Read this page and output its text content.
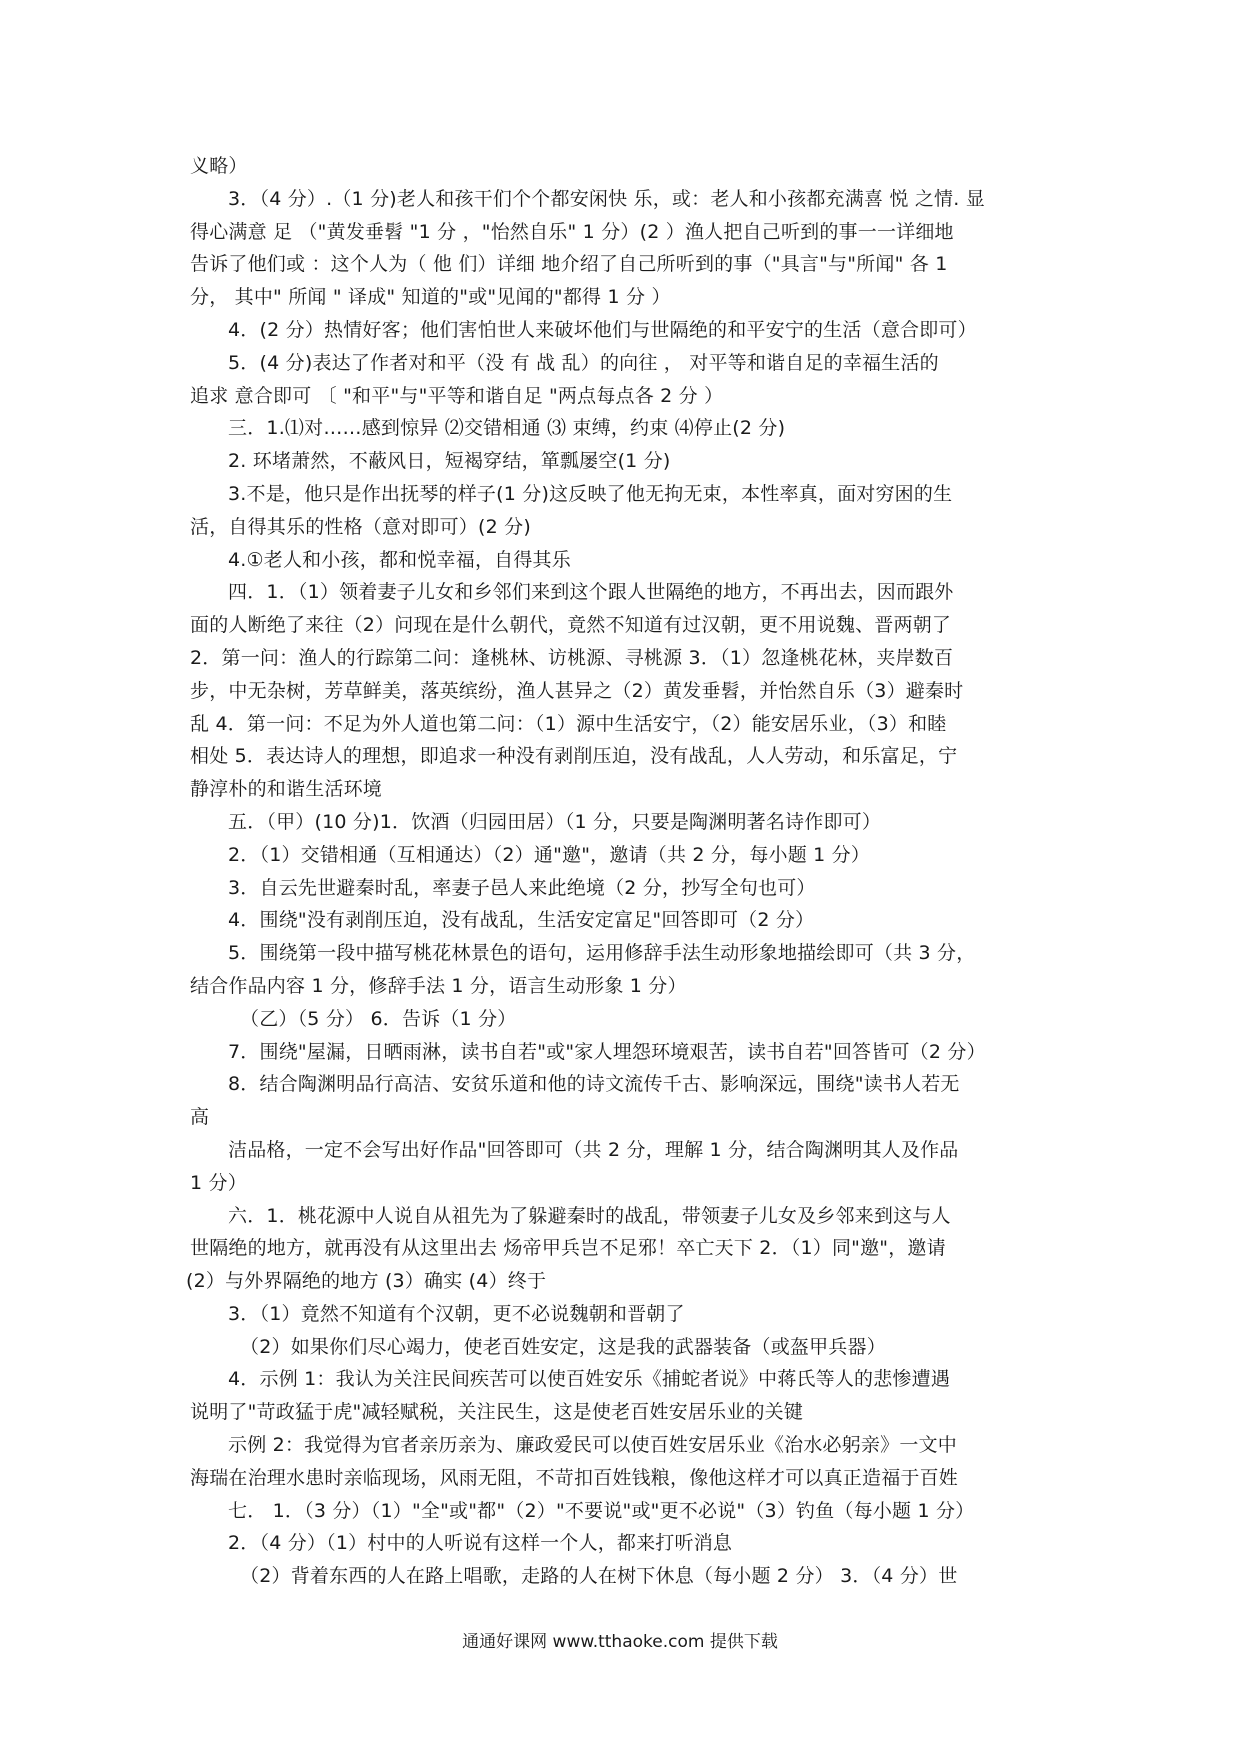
义略）
3．（4 分）.（1 分)老人和孩干们个个都安闲快 乐，或：老人和小孩都充满喜 悦 之情. 显
得心满意 足 （"黄发垂髫 "1 分 ，"怡然自乐" 1 分）(2 ）渔人把自己听到的事一一详细地
告诉了他们或 ：这个人为（ 他 们）详细 地介绍了自己所听到的事（"具言"与"所闻" 各 1
分， 其中" 所闻 " 译成" 知道的"或"见闻的"都得 1 分 ）
4．(2 分）热情好客；他们害怕世人来破坏他们与世隔绝的和平安宁的生活（意合即可）
5．(4 分)表达了作者对和平（没 有 战 乱）的向往 ， 对平等和谐自足的幸福生活的
追求 意合即可 〔 "和平"与"平等和谐自足 "两点每点各 2 分 ）
三．1.⑴对……感到惊异 ⑵交错相通 ⑶ 束缚，约束 ⑷停止(2 分)
2. 环堵萧然，不蔽风日，短褐穿结，箪瓢屡空(1 分)
3.不是，他只是作出抚琴的样子(1 分)这反映了他无拘无束，本性率真，面对穷困的生
活，自得其乐的性格（意对即可）(2 分)
4.①老人和小孩，都和悦幸福，自得其乐
四．1．（1）领着妻子儿女和乡邻们来到这个跟人世隔绝的地方，不再出去，因而跟外
面的人断绝了来往（2）问现在是什么朝代，竟然不知道有过汉朝，更不用说魏、晋两朝了
2．第一问：渔人的行踪第二问：逢桃林、访桃源、寻桃源 3．（1）忽逢桃花林，夹岸数百
步，中无杂树，芳草鲜美，落英缤纷，渔人甚异之（2）黄发垂髫，并怡然自乐（3）避秦时
乱 4．第一问：不足为外人道也第二问：（1）源中生活安宁，（2）能安居乐业，（3）和睦
相处 5．表达诗人的理想，即追求一种没有剥削压迫，没有战乱，人人劳动，和乐富足，宁
静淳朴的和谐生活环境
五．（甲）(10 分)1．饮酒（归园田居）（1 分，只要是陶渊明著名诗作即可）
2．（1）交错相通（互相通达）（2）通"邀"，邀请（共 2 分，每小题 1 分）
3．自云先世避秦时乱，率妻子邑人来此绝境（2 分，抄写全句也可）
4．围绕"没有剥削压迫，没有战乱，生活安定富足"回答即可（2 分）
5．围绕第一段中描写桃花林景色的语句，运用修辞手法生动形象地描绘即可（共 3 分，
结合作品内容 1 分，修辞手法 1 分，语言生动形象 1 分）
（乙）（5 分） 6．告诉（1 分）
7．围绕"屋漏，日晒雨淋，读书自若"或"家人埋怨环境艰苦，读书自若"回答皆可（2 分）
8．结合陶渊明品行高洁、安贫乐道和他的诗文流传千古、影响深远，围绕"读书人若无
高
洁品格，一定不会写出好作品"回答即可（共 2 分，理解 1 分，结合陶渊明其人及作品
1 分）
六．1．桃花源中人说自从祖先为了躲避秦时的战乱，带领妻子儿女及乡邻来到这与人
世隔绝的地方，就再没有从这里出去 炀帝甲兵岂不足邪！卒亡天下 2．（1）同"邀"，邀请
(2）与外界隔绝的地方 (3）确实 (4）终于
3．（1）竟然不知道有个汉朝，更不必说魏朝和晋朝了
（2）如果你们尽心竭力，使老百姓安定，这是我的武器装备（或盔甲兵器）
4．示例 1：我认为关注民间疾苦可以使百姓安乐《捕蛇者说》中蒋氏等人的悲惨遭遇
说明了"苛政猛于虎"减轻赋税，关注民生，这是使老百姓安居乐业的关键
示例 2：我觉得为官者亲历亲为、廉政爱民可以使百姓安居乐业《治水必躬亲》一文中
海瑞在治理水患时亲临现场，风雨无阻，不苛扣百姓钱粮，像他这样才可以真正造福于百姓
七． 1．（3 分）（1）"全"或"都"（2）"不要说"或"更不必说"（3）钓鱼（每小题 1 分）
2．（4 分）（1）村中的人听说有这样一个人，都来打听消息
（2）背着东西的人在路上唱歌，走路的人在树下休息（每小题 2 分） 3．（4 分）世
通通好课网 www.tthaoke.com 提供下载
